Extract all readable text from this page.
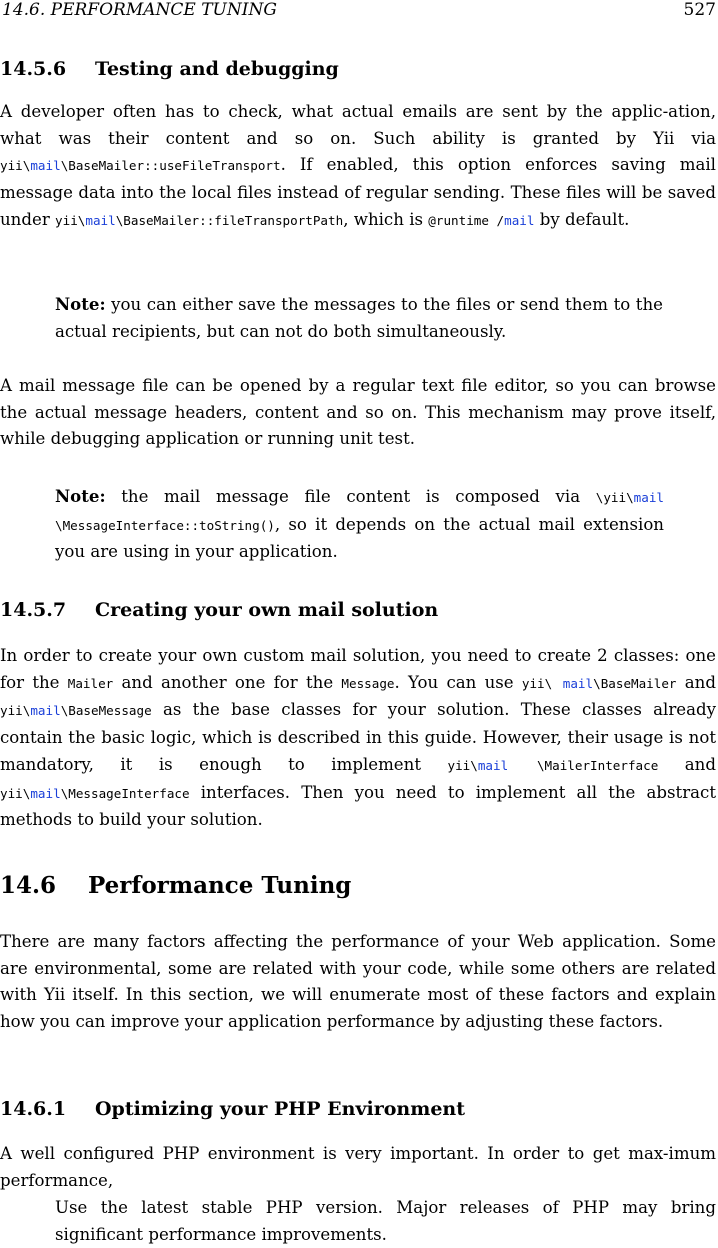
14.6. PERFORMANCE TUNING	527
14.5.6 Testing and debugging

A developer often has to check, what actual emails are sent by the applic-ation, what was their content and so on. Such ability is granted by Yii via yii\mail\BaseMailer::useFileTransport. If enabled, this option enforces saving mail message data into the local files instead of regular sending. These files will be saved under yii\mail\BaseMailer::fileTransportPath, which is @runtime /mail by default.

Note: you can either save the messages to the files or send them to the actual recipients, but can not do both simultaneously.

A mail message file can be opened by a regular text file editor, so you can browse the actual message headers, content and so on. This mechanism may prove itself, while debugging application or running unit test.

Note: the mail message file content is composed via \yii\mail \MessageInterface::toString(), so it depends on the actual mail extension you are using in your application.

14.5.7 Creating your own mail solution

In order to create your own custom mail solution, you need to create 2 classes: one for the Mailer and another one for the Message. You can use yii\ mail\BaseMailer and yii\mail\BaseMessage as the base classes for your solution. These classes already contain the basic logic, which is described in this guide. However, their usage is not mandatory, it is enough to implement yii\mail \MailerInterface and yii\mail\MessageInterface interfaces. Then you need to implement all the abstract methods to build your solution.

14.6 Performance Tuning

There are many factors affecting the performance of your Web application. Some are environmental, some are related with your code, while some others are related with Yii itself. In this section, we will enumerate most of these factors and explain how you can improve your application performance by adjusting these factors.

14.6.1 Optimizing your PHP Environment

A well configured PHP environment is very important. In order to get max-imum performance,

Use the latest stable PHP version. Major releases of PHP may bring significant performance improvements.
